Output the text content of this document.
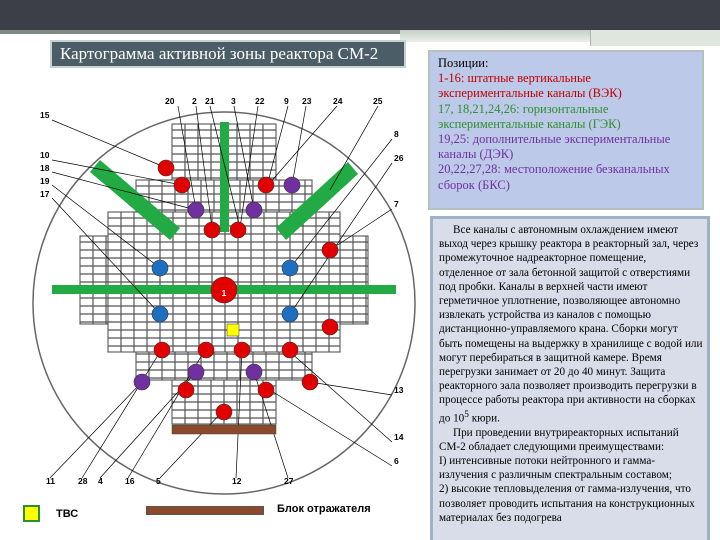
Картограмма активной зоны реактора СМ-2	Позиции:
1-16: штатные вертикальные экспериментальные каналы (ВЭК)
17, 18,21,24,26: горизонтальные экспериментальные каналы (ГЭК)
19,25: дополнительные экспериментальные каналы (ДЭК)
20,22,27,28: местоположение безканальных сборок (БКС)

Все каналы с автономным охлаждением имеют выход через крышку реактора в реакторный зал, через промежуточное надреакторное помещение, отделенное от зала бетонной защитой с отверстиями под пробки. Каналы в верхней части имеют герметичное уплотнение, позволяющее автономно извлекать устройства из каналов с помощью дистанционно-управляемого крана. Сборки могут быть помещены на выдержку в хранилище с водой или могут перебираться в защитной камере. Время перегрузки занимает от 20 до 40 минут. Защита реакторного зала позволяет производить перегрузки в процессе работы реактора при активности на сборках до $10^5$ кюри.

При проведении внутриреакторных испытаний СМ-2 обладает следующими преимуществами:

I) интенсивные потоки нейтронного и гамма-излучения с различным спектральным составом;

2) высокие тепловыделения от гамма-излучения, что позволяет проводить испытания на конструкционных материалах без подогрева

1
20 2 21 3 22 9 23	24	25
15
10
18
19
17
8
26
7
13
14
6
11	28 4	16	5	12	27
ТВС	Блок отражателя
